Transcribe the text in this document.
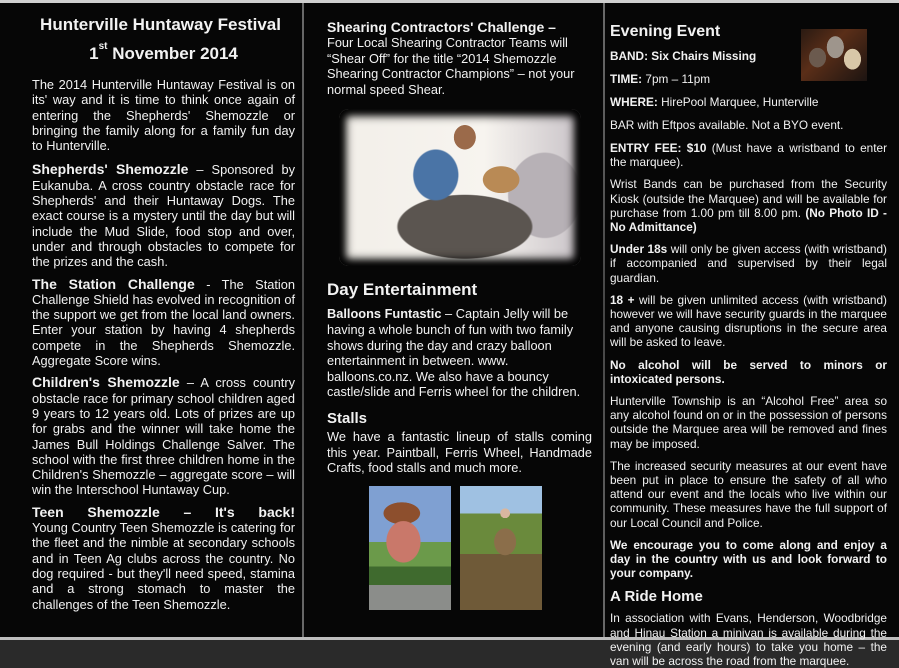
Hunterville Huntaway Festival
1st November 2014

The 2014 Hunterville Huntaway Festival is on its' way and it is time to think once again of entering the Shepherds' Shemozzle or bringing the family along for a family fun day to Hunterville.

Shepherds' Shemozzle – Sponsored by Eukanuba. A cross country obstacle race for Shepherds' and their Huntaway Dogs. The exact course is a mystery until the day but will include the Mud Slide, food stop and over, under and through obstacles to compete for the prizes and the cash.

The Station Challenge - The Station Challenge Shield has evolved in recognition of the support we get from the local land owners. Enter your station by having 4 shepherds compete in the Shepherds Shemozzle. Aggregate Score wins.

Children's Shemozzle – A cross country obstacle race for primary school children aged 9 years to 12 years old. Lots of prizes are up for grabs and the winner will take home the James Bull Holdings Challenge Salver. The school with the first three children home in the Children's Shemozzle – aggregate score – will win the Interschool Huntaway Cup.

Teen Shemozzle – It's back!

Young Country Teen Shemozzle is catering for the fleet and the nimble at secondary schools and in Teen Ag clubs across the country. No dog required - but they'll need speed, stamina and a strong stomach to master the challenges of the Teen Shemozzle.

Shearing Contractors' Challenge –

Four Local Shearing Contractor Teams will “Shear Off” for the title “2014 Shemozzle Shearing Contractor Champions” – not your normal speed Shear.

Day Entertainment

Balloons Funtastic – Captain Jelly will be having a whole bunch of fun with two family shows during the day and crazy balloon entertainment in between. www. balloons.co.nz. We also have a bouncy castle/slide and Ferris wheel for the children.

Stalls

We have a fantastic lineup of stalls coming this year. Paintball, Ferris Wheel, Handmade Crafts, food stalls and much more.

Evening Event
BAND: Six Chairs Missing
TIME: 7pm – 11pm
WHERE: HirePool Marquee, Hunterville
BAR with Eftpos available. Not a BYO event.

ENTRY FEE: $10 (Must have a wristband to enter the marquee).

Wrist Bands can be purchased from the Security Kiosk (outside the Marquee) and will be available for purchase from 1.00 pm till 8.00 pm. (No Photo ID - No Admittance)

Under 18s will only be given access (with wristband) if accompanied and supervised by their legal guardian.

18 + will be given unlimited access (with wristband) however we will have security guards in the marquee and anyone causing disruptions in the secure area will be asked to leave.

No alcohol will be served to minors or intoxicated persons.

Hunterville Township is an “Alcohol Free” area so any alcohol found on or in the possession of persons outside the Marquee area will be removed and fines may be imposed.

The increased security measures at our event have been put in place to ensure the safety of all who attend our event and the locals who live within our community. These measures have the full support of our Local Council and Police.

We encourage you to come along and enjoy a day in the country with us and look forward to your company.

A Ride Home

In association with Evans, Henderson, Woodbridge and Hinau Station a minivan is available during the evening (and early hours) to take you home – the van will be across the road from the marquee.
